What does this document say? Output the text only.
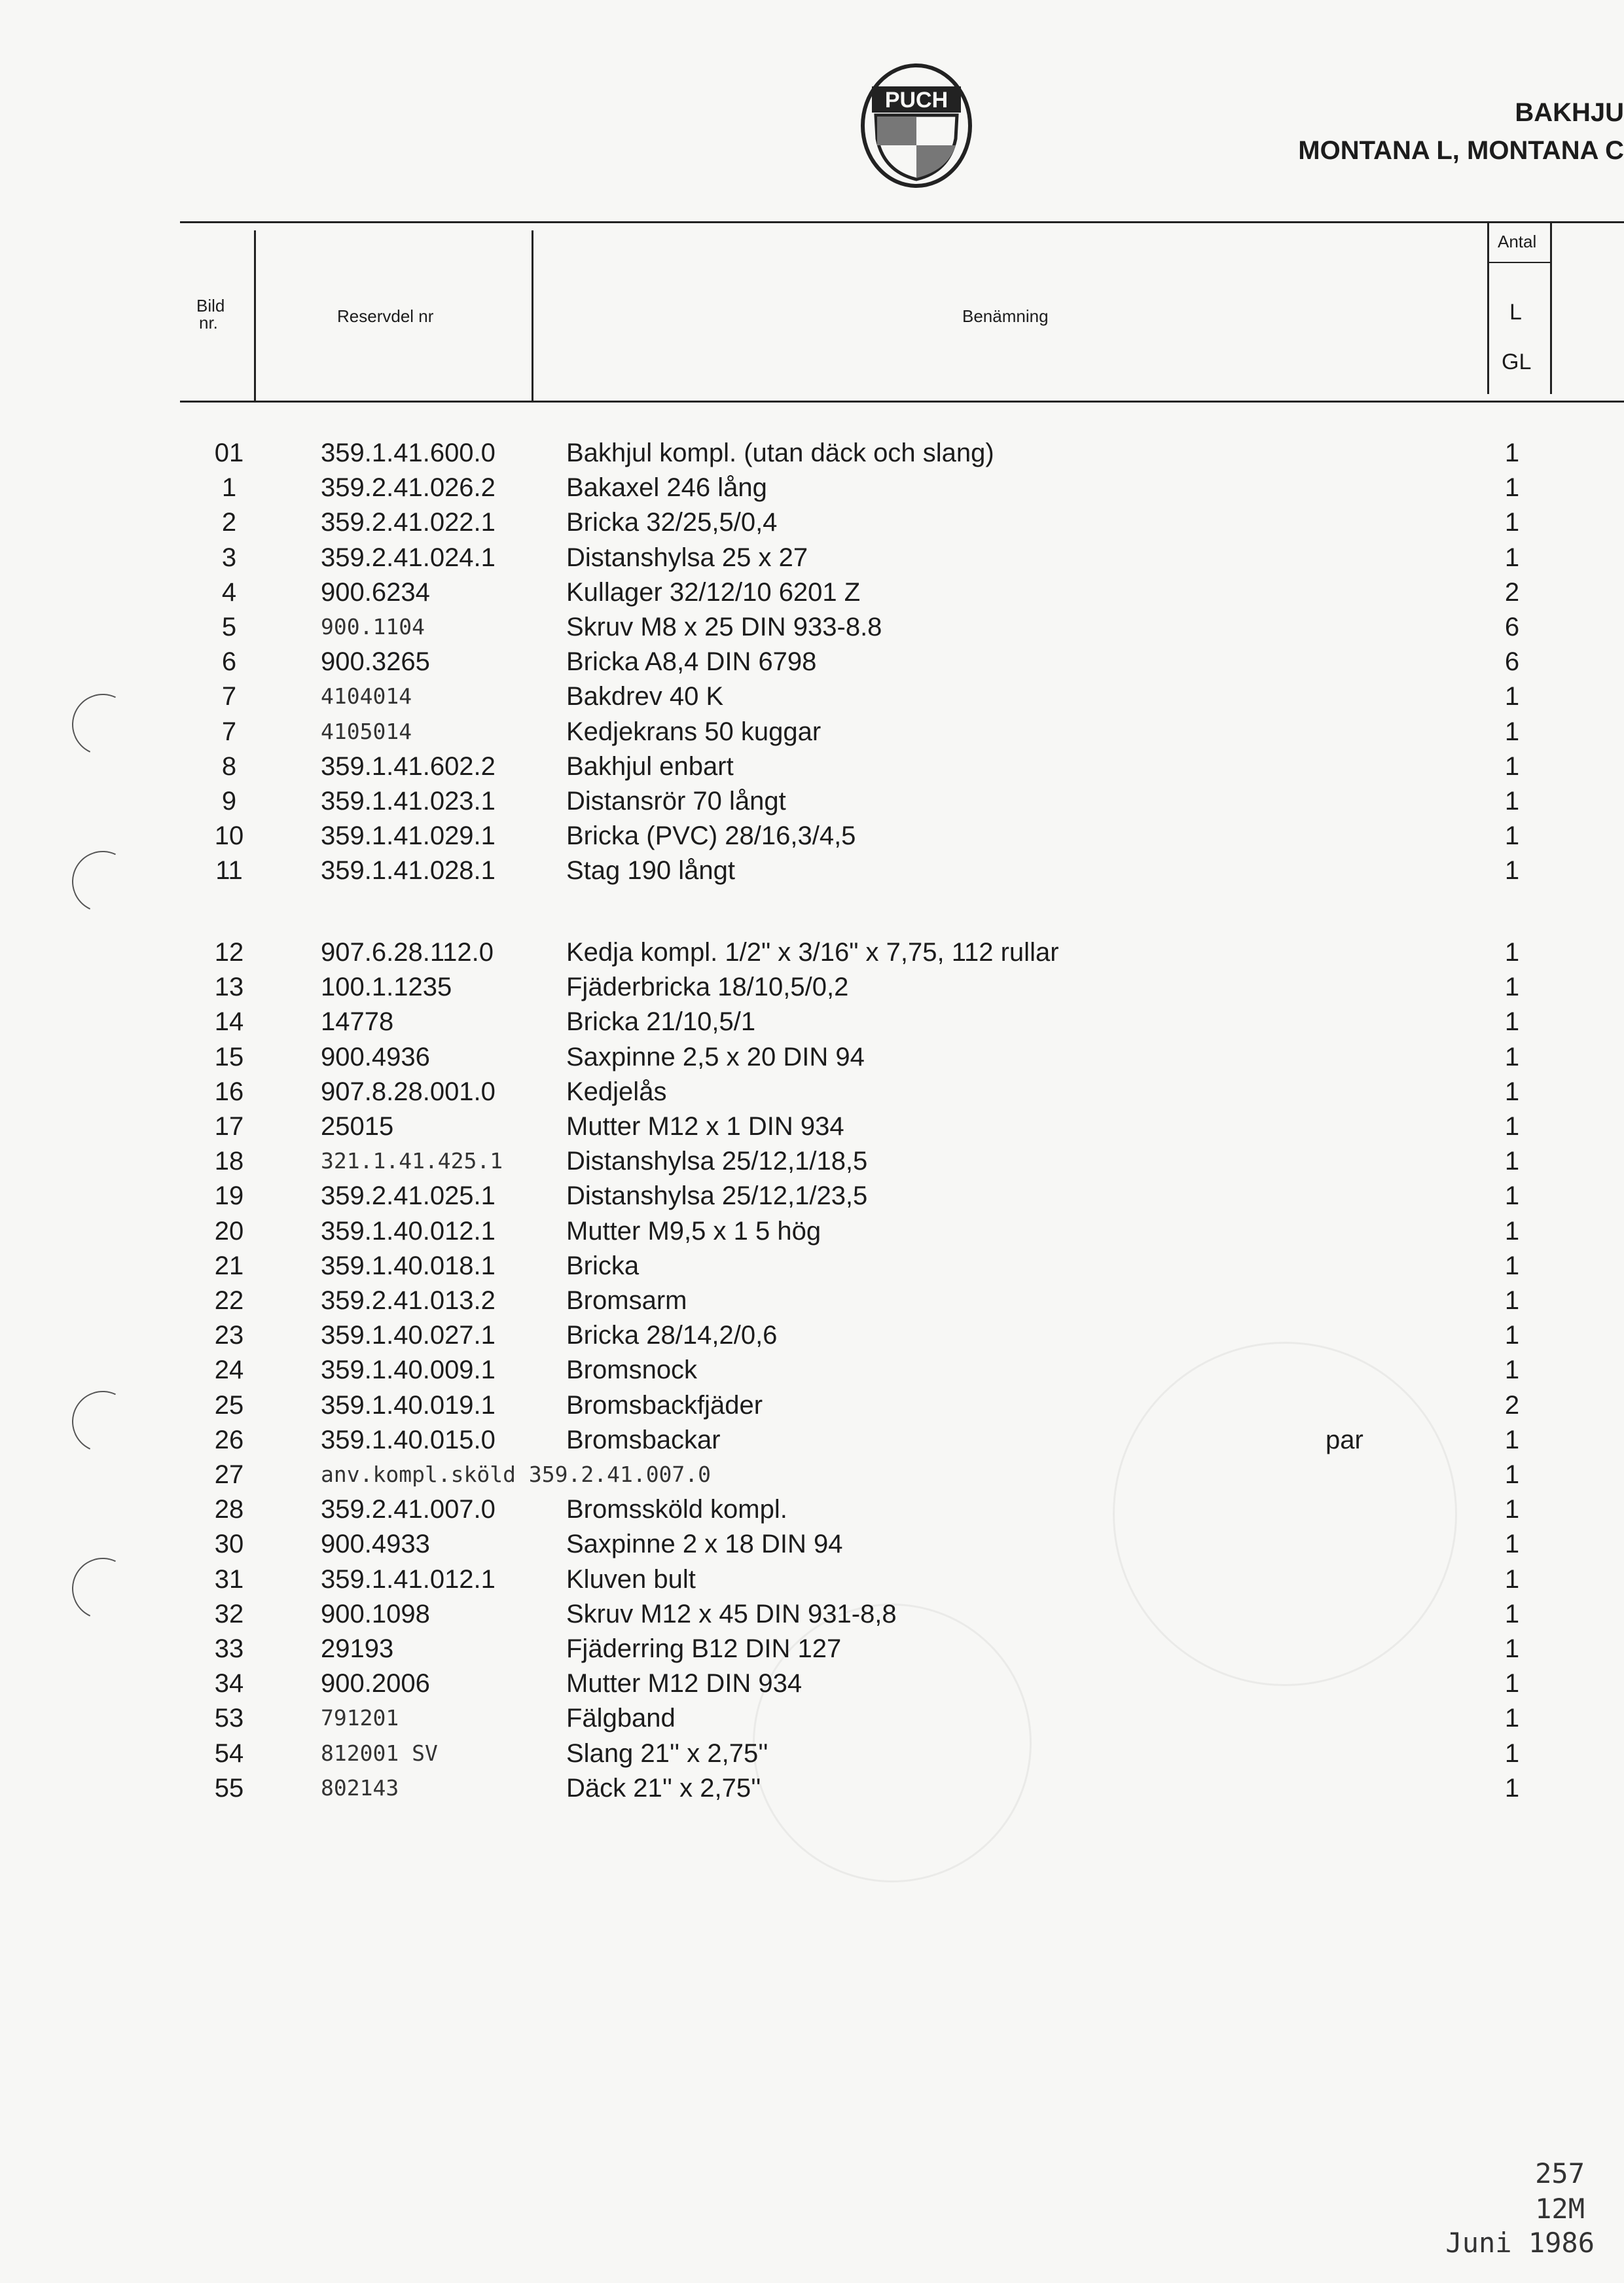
PUCH	BAKHJU
MONTANA L, MONTANA C
Bild
nr.	Reservdel nr	Benämning
Antal
L
GL
01	359.1.41.600.0	Bakhjul kompl. (utan däck och slang)	1
1	359.2.41.026.2	Bakaxel 246 lång	1
2	359.2.41.022.1	Bricka 32/25,5/0,4	1
3	359.2.41.024.1	Distanshylsa 25 x 27	1
4	900.6234	Kullager 32/12/10 6201 Z	2
5	900.1104	Skruv M8 x 25 DIN 933-8.8	6
6	900.3265	Bricka A8,4 DIN 6798	6
7	4104014	Bakdrev 40 K	1
7	4105014	Kedjekrans 50 kuggar	1
8	359.1.41.602.2	Bakhjul enbart	1
9	359.1.41.023.1	Distansrör 70 långt	1
10	359.1.41.029.1	Bricka (PVC) 28/16,3/4,5	1
11	359.1.41.028.1	Stag 190 långt	1
12	907.6.28.112.0	Kedja kompl. 1/2" x 3/16" x 7,75, 112 rullar	1
13	100.1.1235	Fjäderbricka 18/10,5/0,2	1
14	14778	Bricka 21/10,5/1	1
15	900.4936	Saxpinne 2,5 x 20 DIN 94	1
16	907.8.28.001.0	Kedjelås	1
17	25015	Mutter M12 x 1 DIN 934	1
18	321.1.41.425.1 Distanshylsa 25/12,1/18,5	1
19	359.2.41.025.1	Distanshylsa 25/12,1/23,5	1
20	359.1.40.012.1	Mutter M9,5 x 1 5 hög	1
21	359.1.40.018.1	Bricka	1
22	359.2.41.013.2	Bromsarm	1
23	359.1.40.027.1	Bricka 28/14,2/0,6	1
24	359.1.40.009.1	Bromsnock	1
25	359.1.40.019.1	Bromsbackfjäder	2
26	359.1.40.015.0	Bromsbackar	par	1
27	anv.kompl.sköld 359.2.41.007.0	1
28	359.2.41.007.0	Bromssköld kompl.	1
30	900.4933	Saxpinne 2 x 18 DIN 94	1
31	359.1.41.012.1	Kluven bult	1
32	900.1098	Skruv M12 x 45 DIN 931-8,8	1
33	29193	Fjäderring B12 DIN 127	1
34	900.2006	Mutter M12 DIN 934	1
53	791201	Fälgband	1
54	812001 SV	Slang 21'' x 2,75''	1
55	802143	Däck 21'' x 2,75''	1
257
12M
Juni 1986
